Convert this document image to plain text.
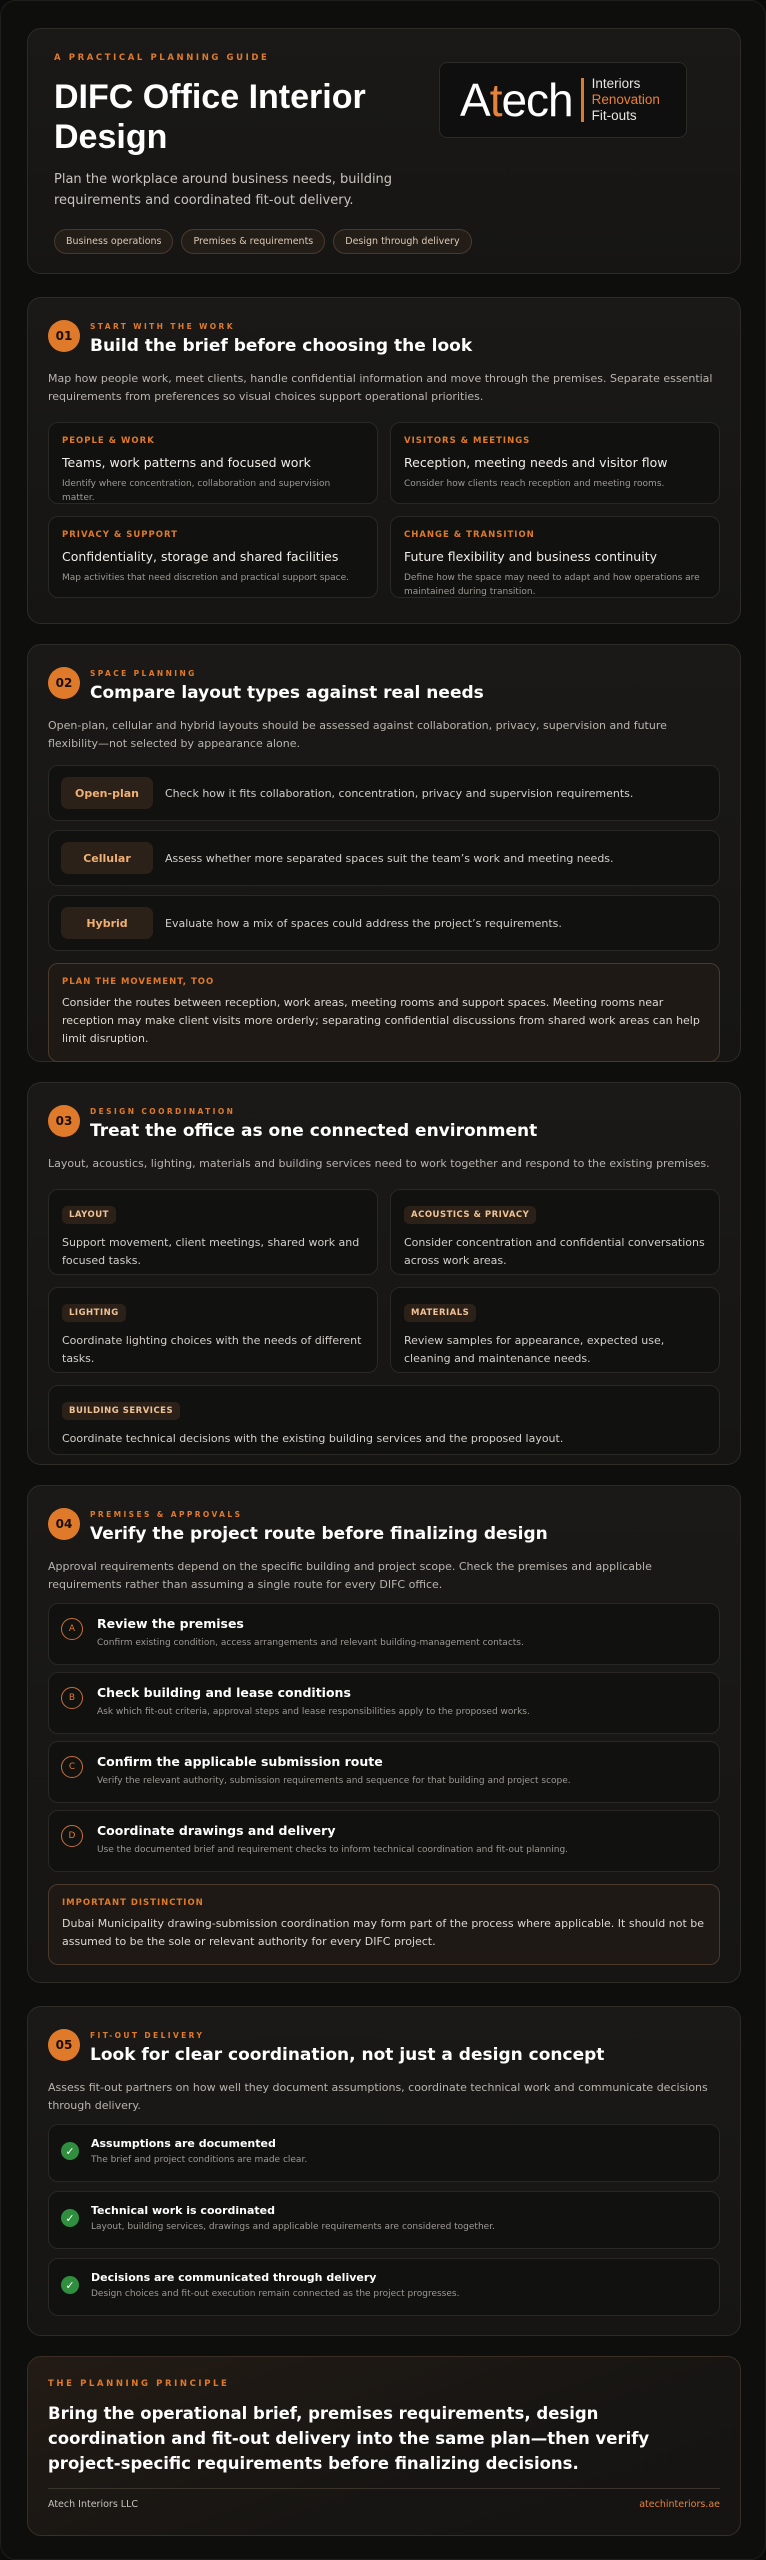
A PRACTICAL PLANNING GUIDE
DIFC Office Interior Design
Plan the workplace around business needs, building requirements and coordinated fit-out delivery.
Business operations	Premises & requirements	Design through delivery
Atech Interiors
Renovation
Fit-outs
01
START WITH THE WORK
Build the brief before choosing the look
Map how people work, meet clients, handle confidential information and move through the premises. Separate essential requirements from preferences so visual choices support operational priorities.
PEOPLE & WORK
Teams, work patterns and focused work
Identify where concentration, collaboration and supervision matter.
VISITORS & MEETINGS
Reception, meeting needs and visitor flow
Consider how clients reach reception and meeting rooms.
PRIVACY & SUPPORT
Confidentiality, storage and shared facilities
Map activities that need discretion and practical support space.
CHANGE & TRANSITION
Future flexibility and business continuity
Define how the space may need to adapt and how operations are maintained during transition.
02
SPACE PLANNING
Compare layout types against real needs
Open-plan, cellular and hybrid layouts should be assessed against collaboration, privacy, supervision and future flexibility—not selected by appearance alone.
Open-plan	Check how it fits collaboration, concentration, privacy and supervision requirements.
Cellular	Assess whether more separated spaces suit the team’s work and meeting needs.
Hybrid	Evaluate how a mix of spaces could address the project’s requirements.
PLAN THE MOVEMENT, TOO
Consider the routes between reception, work areas, meeting rooms and support spaces. Meeting rooms near reception may make client visits more orderly; separating confidential discussions from shared work areas can help limit disruption.
03
DESIGN COORDINATION
Treat the office as one connected environment
Layout, acoustics, lighting, materials and building services need to work together and respond to the existing premises.
LAYOUT
Support movement, client meetings, shared work and focused tasks.
ACOUSTICS & PRIVACY
Consider concentration and confidential conversations across work areas.
LIGHTING
Coordinate lighting choices with the needs of different tasks.
MATERIALS
Review samples for appearance, expected use, cleaning and maintenance needs.
BUILDING SERVICES
Coordinate technical decisions with the existing building services and the proposed layout.
04
PREMISES & APPROVALS
Verify the project route before finalizing design
Approval requirements depend on the specific building and project scope. Check the premises and applicable requirements rather than assuming a single route for every DIFC office.
A	Review the premises
Confirm existing condition, access arrangements and relevant building-management contacts.
B	Check building and lease conditions
Ask which fit-out criteria, approval steps and lease responsibilities apply to the proposed works.
C	Confirm the applicable submission route
Verify the relevant authority, submission requirements and sequence for that building and project scope.
D	Coordinate drawings and delivery
Use the documented brief and requirement checks to inform technical coordination and fit-out planning.
IMPORTANT DISTINCTION
Dubai Municipality drawing-submission coordination may form part of the process where applicable. It should not be assumed to be the sole or relevant authority for every DIFC project.
05
FIT-OUT DELIVERY
Look for clear coordination, not just a design concept
Assess fit-out partners on how well they document assumptions, coordinate technical work and communicate decisions through delivery.
✓
Assumptions are documented
The brief and project conditions are made clear.
✓
Technical work is coordinated
Layout, building services, drawings and applicable requirements are considered together.
✓
Decisions are communicated through delivery
Design choices and fit-out execution remain connected as the project progresses.
THE PLANNING PRINCIPLE
Bring the operational brief, premises requirements, design coordination and fit-out delivery into the same plan—then verify project-specific requirements before finalizing decisions.
Atech Interiors LLC	atechinteriors.ae
